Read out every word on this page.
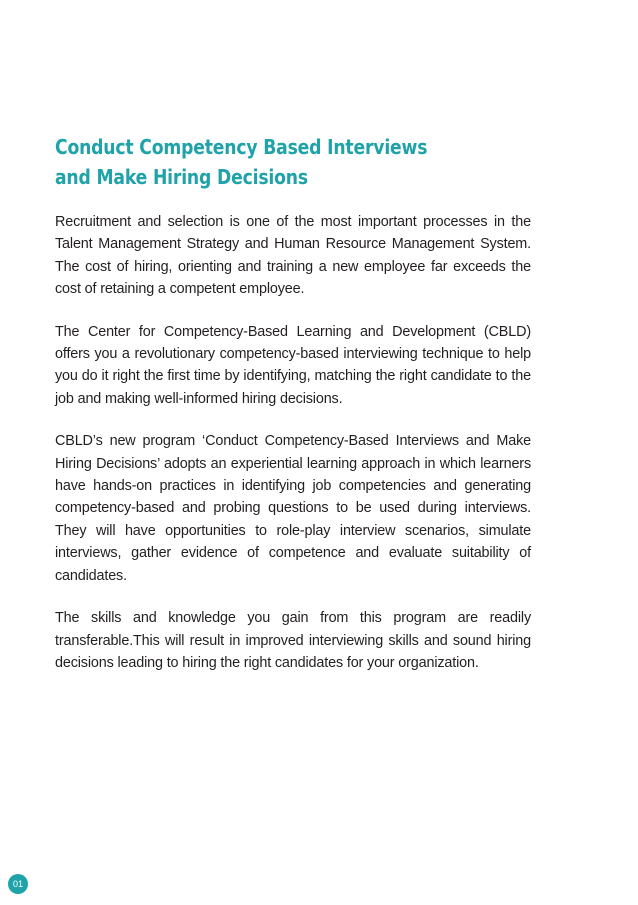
Conduct Competency Based Interviews
and Make Hiring Decisions

Recruitment and selection is one of the most important processes in the Talent Management Strategy and Human Resource Management System. The cost of hiring, orienting and training a new employee far exceeds the cost of retaining a competent employee.

The Center for Competency-Based Learning and Development (CBLD) offers you a revolutionary competency-based interviewing technique to help you do it right the first time by identifying, matching the right candidate to the job and making well-informed hiring decisions.

CBLD’s new program ‘Conduct Competency-Based Interviews and Make Hiring Decisions’ adopts an experiential learning approach in which learners have hands-on practices in identifying job competencies and generating competency-based and probing questions to be used during interviews. They will have opportunities to role-play interview scenarios, simulate interviews, gather evidence of competence and evaluate suitability of candidates.

The skills and knowledge you gain from this program are readily transferable.This will result in improved interviewing skills and sound hiring decisions leading to hiring the right candidates for your organization.

01
